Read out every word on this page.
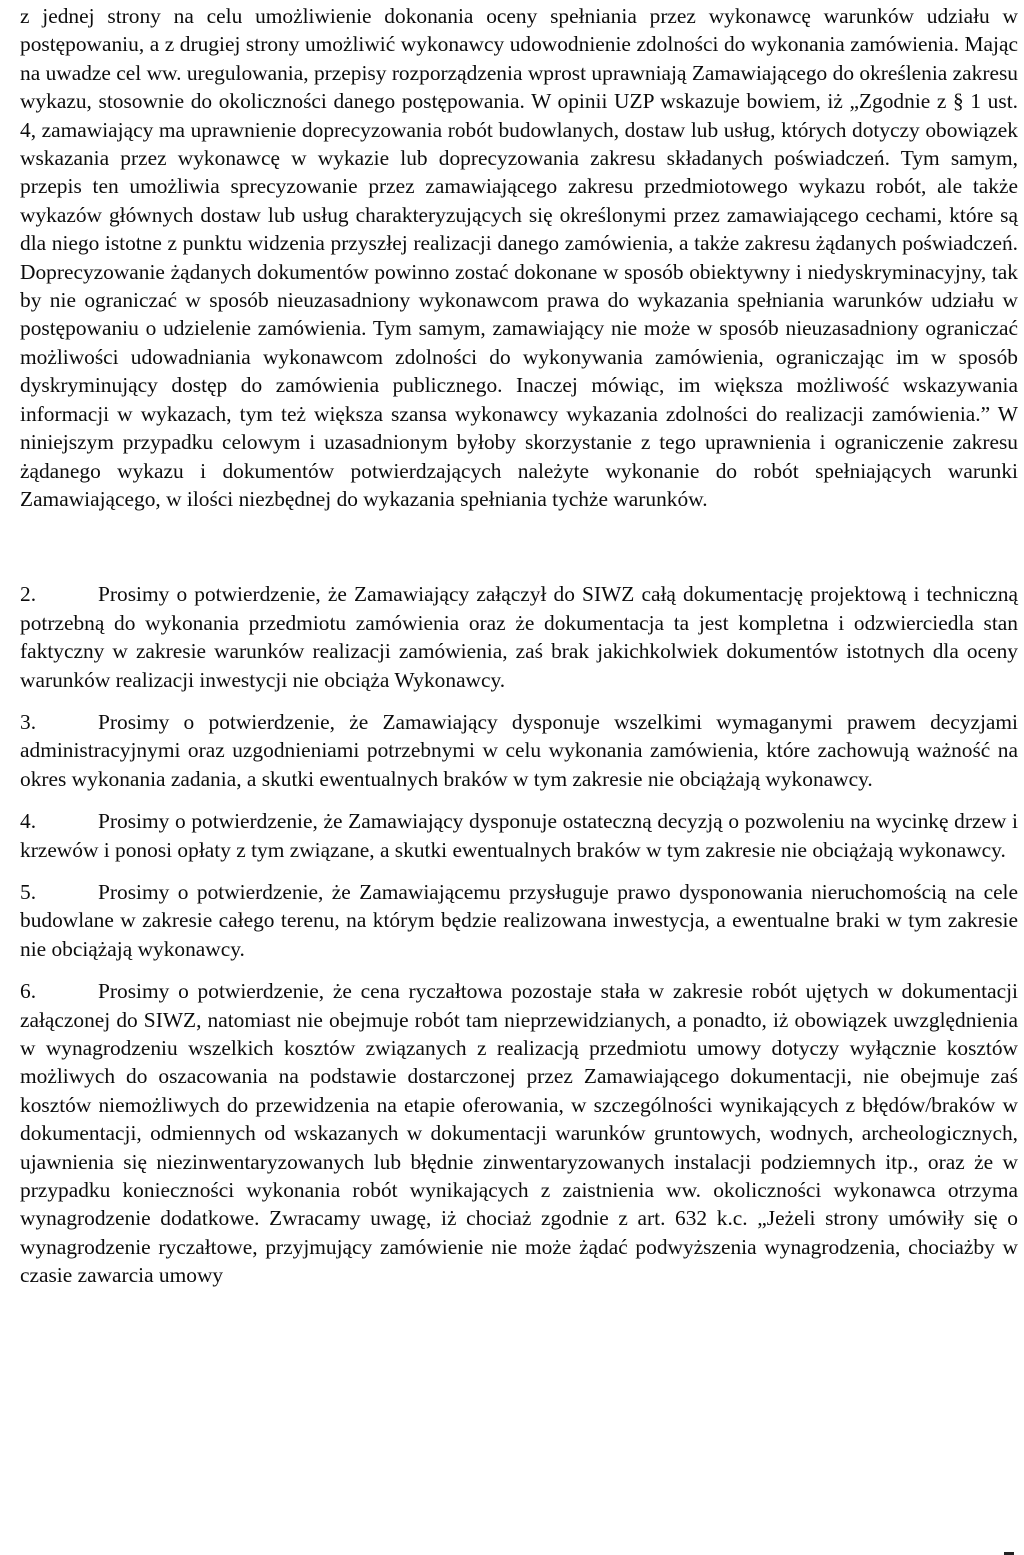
z jednej strony na celu umożliwienie dokonania oceny spełniania przez wykonawcę warunków udziału w postępowaniu, a z drugiej strony umożliwić wykonawcy udowodnienie zdolności do wykonania zamówienia. Mając na uwadze cel ww. uregulowania, przepisy rozporządzenia wprost uprawniają Zamawiającego do określenia zakresu wykazu, stosownie do okoliczności danego postępowania. W opinii UZP wskazuje bowiem, iż „Zgodnie z § 1 ust. 4, zamawiający ma uprawnienie doprecyzowania robót budowlanych, dostaw lub usług, których dotyczy obowiązek wskazania przez wykonawcę w wykazie lub doprecyzowania zakresu składanych poświadczeń. Tym samym, przepis ten umożliwia sprecyzowanie przez zamawiającego zakresu przedmiotowego wykazu robót, ale także wykazów głównych dostaw lub usług charakteryzujących się określonymi przez zamawiającego cechami, które są dla niego istotne z punktu widzenia przyszłej realizacji danego zamówienia, a także zakresu żądanych poświadczeń. Doprecyzowanie żądanych dokumentów powinno zostać dokonane w sposób obiektywny i niedyskryminacyjny, tak by nie ograniczać w sposób nieuzasadniony wykonawcom prawa do wykazania spełniania warunków udziału w postępowaniu o udzielenie zamówienia. Tym samym, zamawiający nie może w sposób nieuzasadniony ograniczać możliwości udowadniania wykonawcom zdolności do wykonywania zamówienia, ograniczając im w sposób dyskryminujący dostęp do zamówienia publicznego. Inaczej mówiąc, im większa możliwość wskazywania informacji w wykazach, tym też większa szansa wykonawcy wykazania zdolności do realizacji zamówienia.” W niniejszym przypadku celowym i uzasadnionym byłoby skorzystanie z tego uprawnienia i ograniczenie zakresu żądanego wykazu i dokumentów potwierdzających należyte wykonanie do robót spełniających warunki Zamawiającego, w ilości niezbędnej do wykazania spełniania tychże warunków.

2.	Prosimy o potwierdzenie, że Zamawiający załączył do SIWZ całą dokumentację projektową i techniczną potrzebną do wykonania przedmiotu zamówienia oraz że dokumentacja ta jest kompletna i odzwierciedla stan faktyczny w zakresie warunków realizacji zamówienia, zaś brak jakichkolwiek dokumentów istotnych dla oceny warunków realizacji inwestycji nie obciąża Wykonawcy.

3.	Prosimy o potwierdzenie, że Zamawiający dysponuje wszelkimi wymaganymi prawem decyzjami administracyjnymi oraz uzgodnieniami potrzebnymi w celu wykonania zamówienia, które zachowują ważność na okres wykonania zadania, a skutki ewentualnych braków w tym zakresie nie obciążają wykonawcy.

4.	Prosimy o potwierdzenie, że Zamawiający dysponuje ostateczną decyzją o pozwoleniu na wycinkę drzew i krzewów i ponosi opłaty z tym związane, a skutki ewentualnych braków w tym zakresie nie obciążają wykonawcy.

5.	Prosimy o potwierdzenie, że Zamawiającemu przysługuje prawo dysponowania nieruchomością na cele budowlane w zakresie całego terenu, na którym będzie realizowana inwestycja, a ewentualne braki w tym zakresie nie obciążają wykonawcy.

6.	Prosimy o potwierdzenie, że cena ryczałtowa pozostaje stała w zakresie robót ujętych w dokumentacji załączonej do SIWZ, natomiast nie obejmuje robót tam nieprzewidzianych, a ponadto, iż obowiązek uwzględnienia w wynagrodzeniu wszelkich kosztów związanych z realizacją przedmiotu umowy dotyczy wyłącznie kosztów możliwych do oszacowania na podstawie dostarczonej przez Zamawiającego dokumentacji, nie obejmuje zaś kosztów niemożliwych do przewidzenia na etapie oferowania, w szczególności wynikających z błędów/braków w dokumentacji, odmiennych od wskazanych w dokumentacji warunków gruntowych, wodnych, archeologicznych, ujawnienia się niezinwentaryzowanych lub błędnie zinwentaryzowanych instalacji podziemnych itp., oraz że w przypadku konieczności wykonania robót wynikających z zaistnienia ww. okoliczności wykonawca otrzyma wynagrodzenie dodatkowe. Zwracamy uwagę, iż chociaż zgodnie z art. 632 k.c. „Jeżeli strony umówiły się o wynagrodzenie ryczałtowe, przyjmujący zamówienie nie może żądać podwyższenia wynagrodzenia, chociażby w czasie zawarcia umowy
